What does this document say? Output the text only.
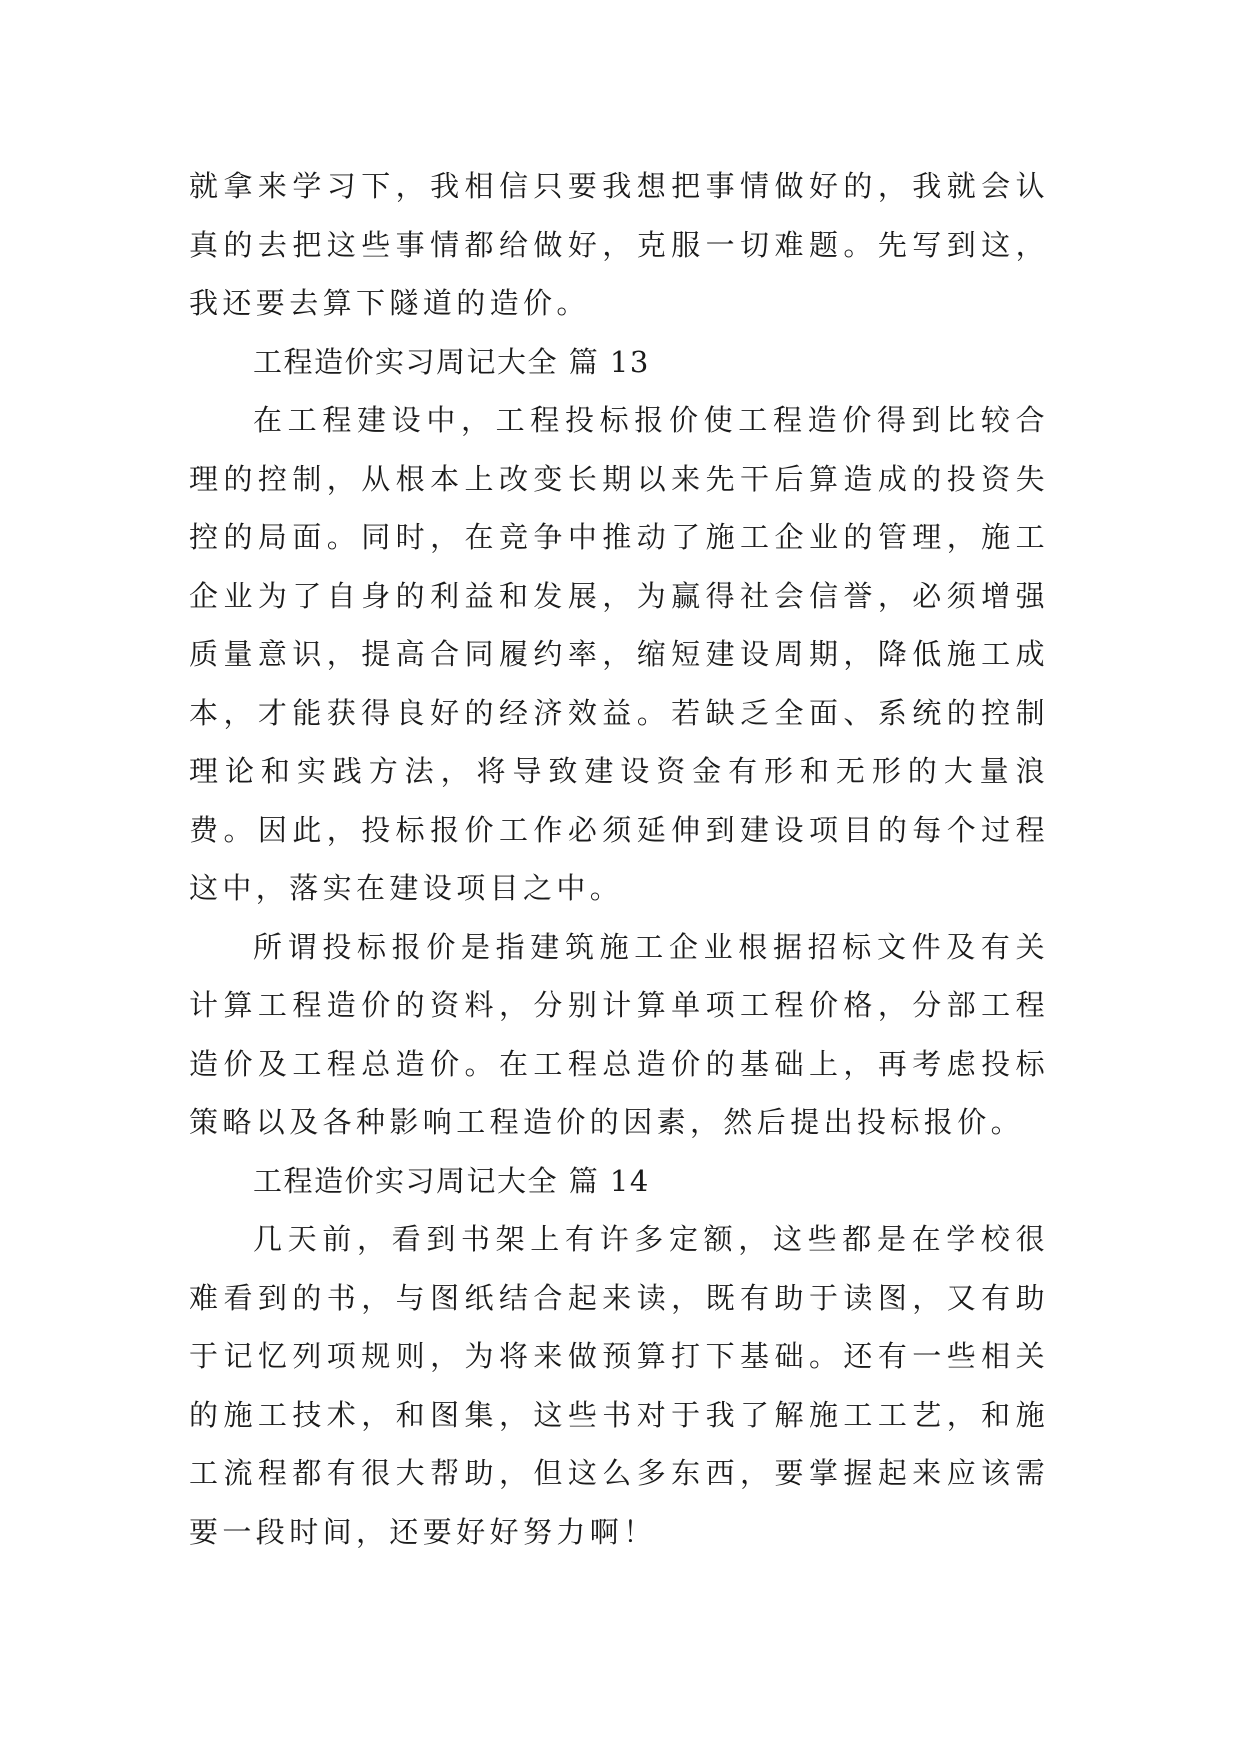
就拿来学习下，我相信只要我想把事情做好的，我就会认真的去把这些事情都给做好，克服一切难题。先写到这，我还要去算下隧道的造价。

工程造价实习周记大全 篇 13

在工程建设中，工程投标报价使工程造价得到比较合理的控制，从根本上改变长期以来先干后算造成的投资失控的局面。同时，在竞争中推动了施工企业的管理，施工企业为了自身的利益和发展，为赢得社会信誉，必须增强质量意识，提高合同履约率，缩短建设周期，降低施工成本，才能获得良好的经济效益。若缺乏全面、系统的控制理论和实践方法，将导致建设资金有形和无形的大量浪费。因此，投标报价工作必须延伸到建设项目的每个过程这中，落实在建设项目之中。

所谓投标报价是指建筑施工企业根据招标文件及有关计算工程造价的资料，分别计算单项工程价格，分部工程造价及工程总造价。在工程总造价的基础上，再考虑投标策略以及各种影响工程造价的因素，然后提出投标报价。

工程造价实习周记大全 篇 14

几天前，看到书架上有许多定额，这些都是在学校很难看到的书，与图纸结合起来读，既有助于读图，又有助于记忆列项规则，为将来做预算打下基础。还有一些相关的施工技术，和图集，这些书对于我了解施工工艺，和施工流程都有很大帮助，但这么多东西，要掌握起来应该需要一段时间，还要好好努力啊！
